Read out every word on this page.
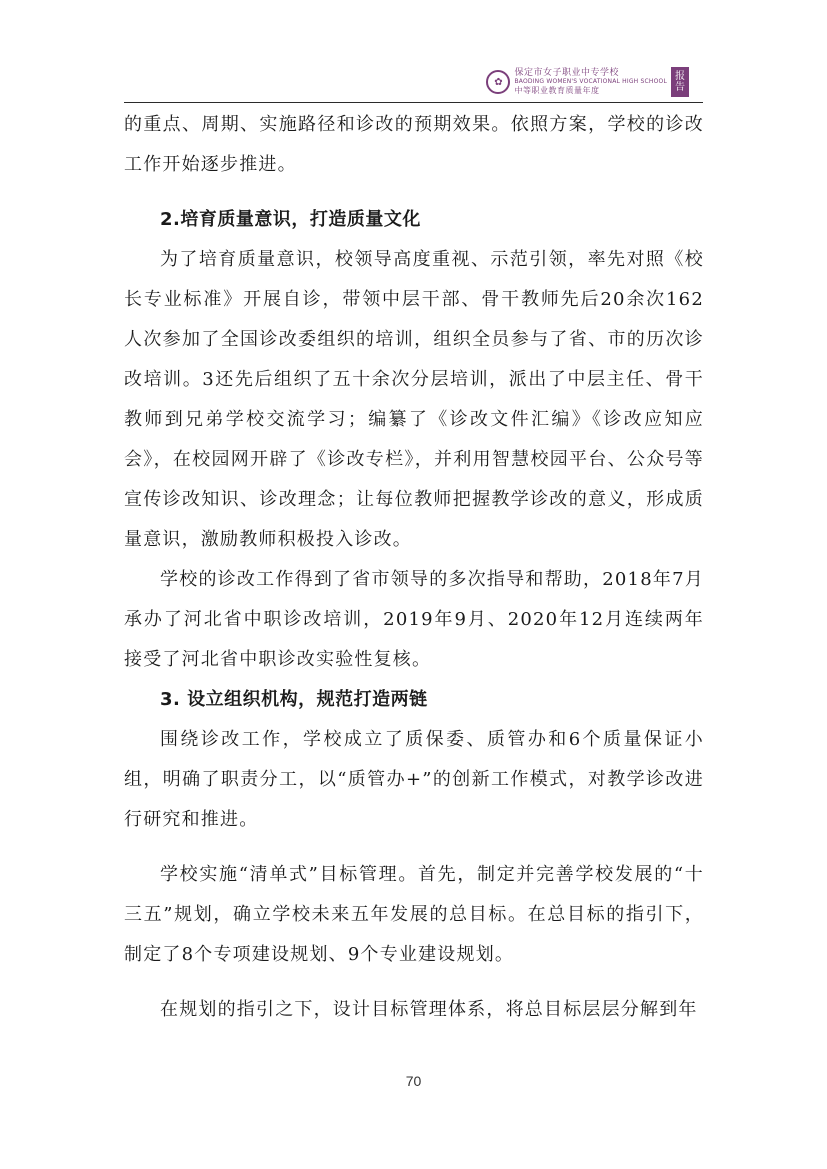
✿
保定市女子职业中专学校
BAODING WOMEN'S VOCATIONAL HIGH SCHOOL
中等职业教育质量年度
报
告

的重点、周期、实施路径和诊改的预期效果。依照方案，学校的诊改工作开始逐步推进。

2.培育质量意识，打造质量文化

为了培育质量意识，校领导高度重视、示范引领，率先对照《校长专业标准》开展自诊，带领中层干部、骨干教师先后20余次162人次参加了全国诊改委组织的培训，组织全员参与了省、市的历次诊改培训。3还先后组织了五十余次分层培训，派出了中层主任、骨干教师到兄弟学校交流学习；编纂了《诊改文件汇编》《诊改应知应会》，在校园网开辟了《诊改专栏》，并利用智慧校园平台、公众号等宣传诊改知识、诊改理念；让每位教师把握教学诊改的意义，形成质量意识，激励教师积极投入诊改。

学校的诊改工作得到了省市领导的多次指导和帮助，2018年7月承办了河北省中职诊改培训，2019年9月、2020年12月连续两年接受了河北省中职诊改实验性复核。

3. 设立组织机构，规范打造两链

围绕诊改工作，学校成立了质保委、质管办和6个质量保证小组，明确了职责分工，以“质管办+”的创新工作模式，对教学诊改进行研究和推进。

学校实施“清单式”目标管理。首先，制定并完善学校发展的“十三五”规划，确立学校未来五年发展的总目标。在总目标的指引下，制定了8个专项建设规划、9个专业建设规划。

在规划的指引之下，设计目标管理体系，将总目标层层分解到年

70
